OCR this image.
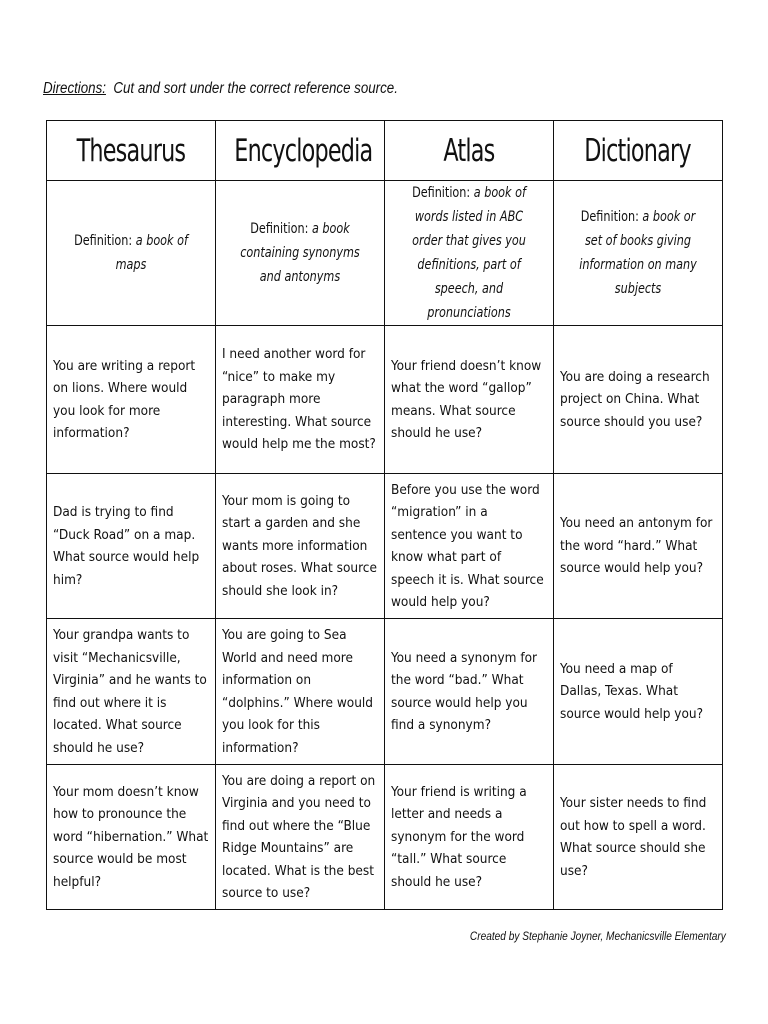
Directions:  Cut and sort under the correct reference source.
Thesaurus	Encyclopedia	Atlas	Dictionary
Definition: a book of maps	Definition: a book containing synonyms and antonyms	Definition: a book of words listed in ABC order that gives you definitions, part of speech, and pronunciations	Definition: a book or set of books giving information on many subjects

You are writing a report on lions. Where would you look for more information?	I need another word for “nice” to make my paragraph more interesting. What source would help me the most?	Your friend doesn’t know what the word “gallop” means. What source should he use?	You are doing a research project on China. What source should you use?

Dad is trying to find “Duck Road” on a map. What source would help him?	Your mom is going to start a garden and she wants more information about roses. What source should she look in?	Before you use the word “migration” in a sentence you want to know what part of speech it is. What source would help you?	You need an antonym for the word “hard.” What source would help you?

Your grandpa wants to visit “Mechanicsville, Virginia” and he wants to find out where it is located. What source should he use?	You are going to Sea World and need more information on “dolphins.” Where would you look for this information?	You need a synonym for the word “bad.” What source would help you find a synonym?	You need a map of Dallas, Texas. What source would help you?

Your mom doesn’t know how to pronounce the word “hibernation.” What source would be most helpful?	You are doing a report on Virginia and you need to find out where the “Blue Ridge Mountains” are located. What is the best source to use?	Your friend is writing a letter and needs a synonym for the word “tall.” What source should he use?	Your sister needs to find out how to spell a word. What source should she use?
Created by Stephanie Joyner, Mechanicsville Elementary
